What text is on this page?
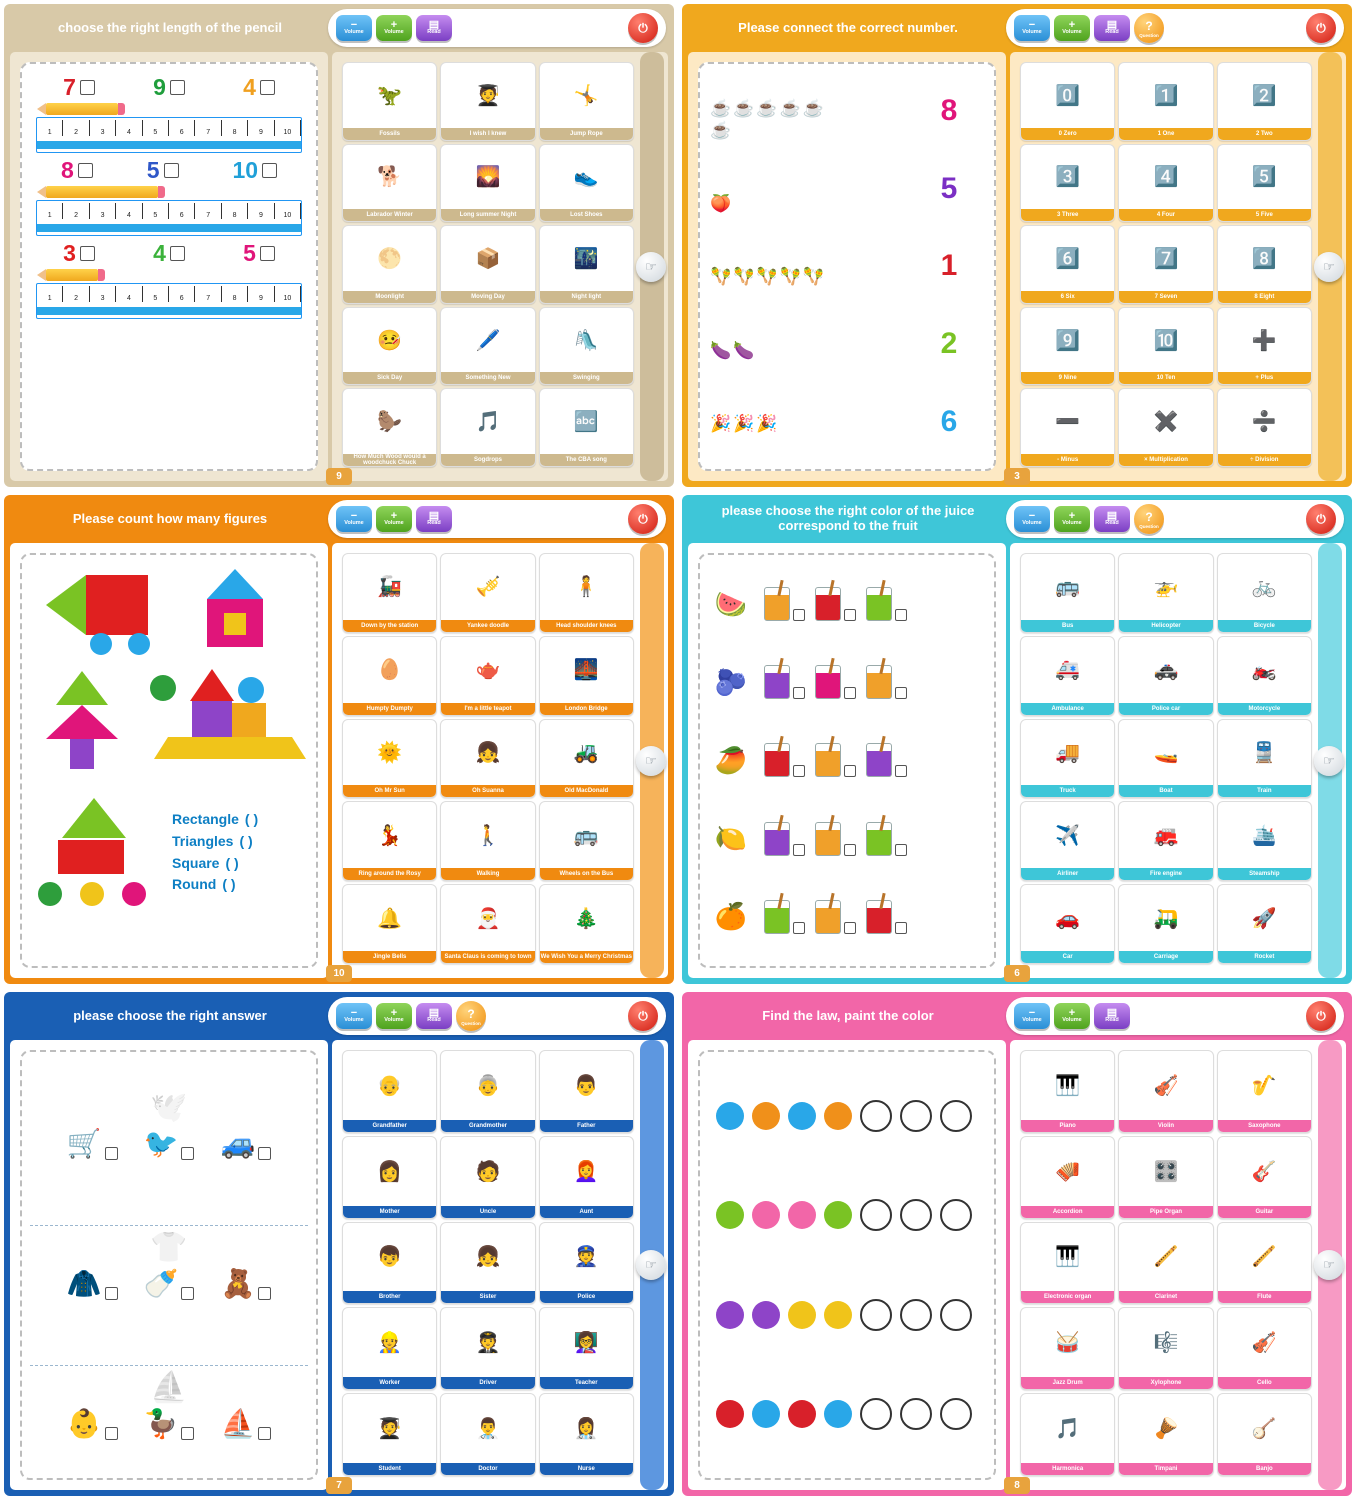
choose the right length of the pencil	−
Volume
+
Volume
▤
Read	⏻
7	9	4
1	2	3	4	5	6	7	8	9	10
8	5	10
1	2	3	4	5	6	7	8	9	10
3	4	5
1	2	3	4	5	6	7	8	9	10
🦖
Fossils
🧑‍🎓
I wish I knew
🤸
Jump Rope
🐕
Labrador Winter
🌄
Long summer Night
👟
Lost Shoes
🌕
Moonlight
📦
Moving Day
🌃
Night light
🤒
Sick Day
🖊️
Something New
🛝
Swinging
🦫
How Much Wood would a woodchuck Chuck
🎵
Sogdrops
🔤
The CBA song
☞
9
Please connect the correct number.	−
Volume
+
Volume
▤
Read ?
Question
⏻
☕ ☕ ☕ ☕ ☕
☕
🍑
🪇 🪇 🪇 🪇 🪇
🍆 🍆
🎉 🎉 🎉
8
5
1
2
6
0️⃣
0 Zero
1️⃣
1 One
2️⃣
2 Two
3️⃣
3 Three
4️⃣
4 Four
5️⃣
5 Five
6️⃣
6 Six
7️⃣
7 Seven
8️⃣
8 Eight
9️⃣
9 Nine
🔟
10 Ten
➕
+ Plus
➖
- Minus
✖️
× Multiplication
➗
÷ Division
☞
3
Please count how many figures	−
Volume
+
Volume
▤
Read	⏻
Rectangle ( )
Triangles ( )
Square ( )
Round ( )
🚂
Down by the station
🎺
Yankee doodle
🧍
Head shoulder knees
🥚
Humpty Dumpty
🫖
I'm a little teapot
🌉
London Bridge
🌞
Oh Mr Sun
👧
Oh Suanna
🚜
Old MacDonald
💃
Ring around the Rosy
🚶
Walking
🚌
Wheels on the Bus
🔔
Jingle Bells
🎅
Santa Claus is coming to town
🎄
We Wish You a Merry Christmas
☞
10
please choose the right color of the juice correspond to the fruit
−
Volume
+
Volume
▤
Read ?
Question
⏻
🍉
🫐
🥭
🍋
🍊
🚌
Bus
🚁
Helicopter
🚲
Bicycle
🚑
Ambulance
🚓
Police car
🏍️
Motorcycle
🚚
Truck
🚤
Boat
🚆
Train
✈️
Airliner
🚒
Fire engine
🛳️
Steamship
🚗
Car
🛺
Carriage
🚀
Rocket
☞
6
please choose the right answer	−
Volume
+
Volume
▤
Read ?
Question
⏻
🕊️
🛒 🐦 🚙
👕
🧥 🍼 🧸
⛵
👶 🦆 ⛵
👴
Grandfather
👵
Grandmother
👨
Father
👩
Mother
🧑
Uncle
👩‍🦰
Aunt
👦
Brother
👧
Sister
👮
Police
👷
Worker
🧑‍✈️
Driver
👩‍🏫
Teacher
🧑‍🎓
Student
👨‍⚕️
Doctor
👩‍⚕️
Nurse
☞
7
Find the law, paint the color	−
Volume
+
Volume
▤
Read	⏻
🎹
Piano
🎻
Violin
🎷
Saxophone
🪗
Accordion
🎛️
Pipe Organ
🎸
Guitar
🎹
Electronic organ
🪈
Clarinet
🪈
Flute
🥁
Jazz Drum
🎼
Xylophone
🎻
Cello
🎵
Harmonica
🪘
Timpani
🪕
Banjo
☞
8
